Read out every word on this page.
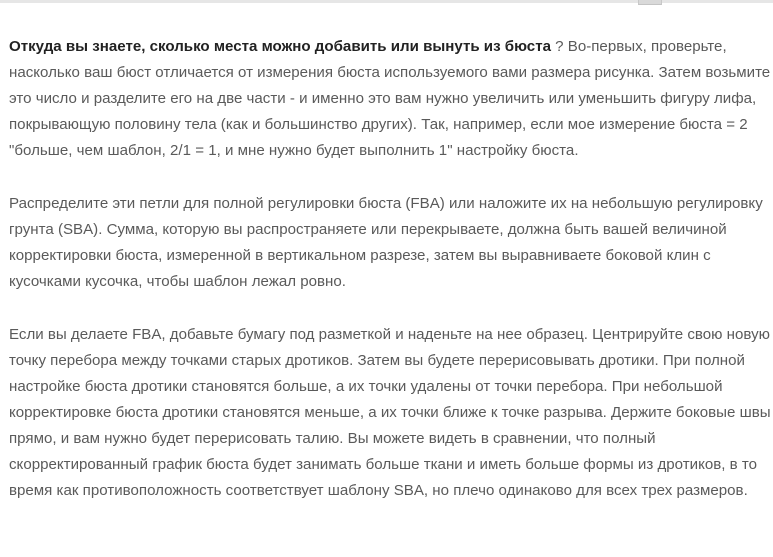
Откуда вы знаете, сколько места можно добавить или вынуть из бюста ? Во-первых, проверьте, насколько ваш бюст отличается от измерения бюста используемого вами размера рисунка. Затем возьмите это число и разделите его на две части - и именно это вам нужно увеличить или уменьшить фигуру лифа, покрывающую половину тела (как и большинство других). Так, например, если мое измерение бюста = 2 "больше, чем шаблон, 2/1 = 1, и мне нужно будет выполнить 1" настройку бюста.

Распределите эти петли для полной регулировки бюста (FBA) или наложите их на небольшую регулировку грунта (SBA). Сумма, которую вы распространяете или перекрываете, должна быть вашей величиной корректировки бюста, измеренной в вертикальном разрезе, затем вы выравниваете боковой клин с кусочками кусочка, чтобы шаблон лежал ровно.

Если вы делаете FBA, добавьте бумагу под разметкой и наденьте на нее образец. Центрируйте свою новую точку перебора между точками старых дротиков. Затем вы будете перерисовывать дротики. При полной настройке бюста дротики становятся больше, а их точки удалены от точки перебора. При небольшой корректировке бюста дротики становятся меньше, а их точки ближе к точке разрыва. Держите боковые швы прямо, и вам нужно будет перерисовать талию. Вы можете видеть в сравнении, что полный скорректированный график бюста будет занимать больше ткани и иметь больше формы из дротиков, в то время как противоположность соответствует шаблону SBA, но плечо одинаково для всех трех размеров.
